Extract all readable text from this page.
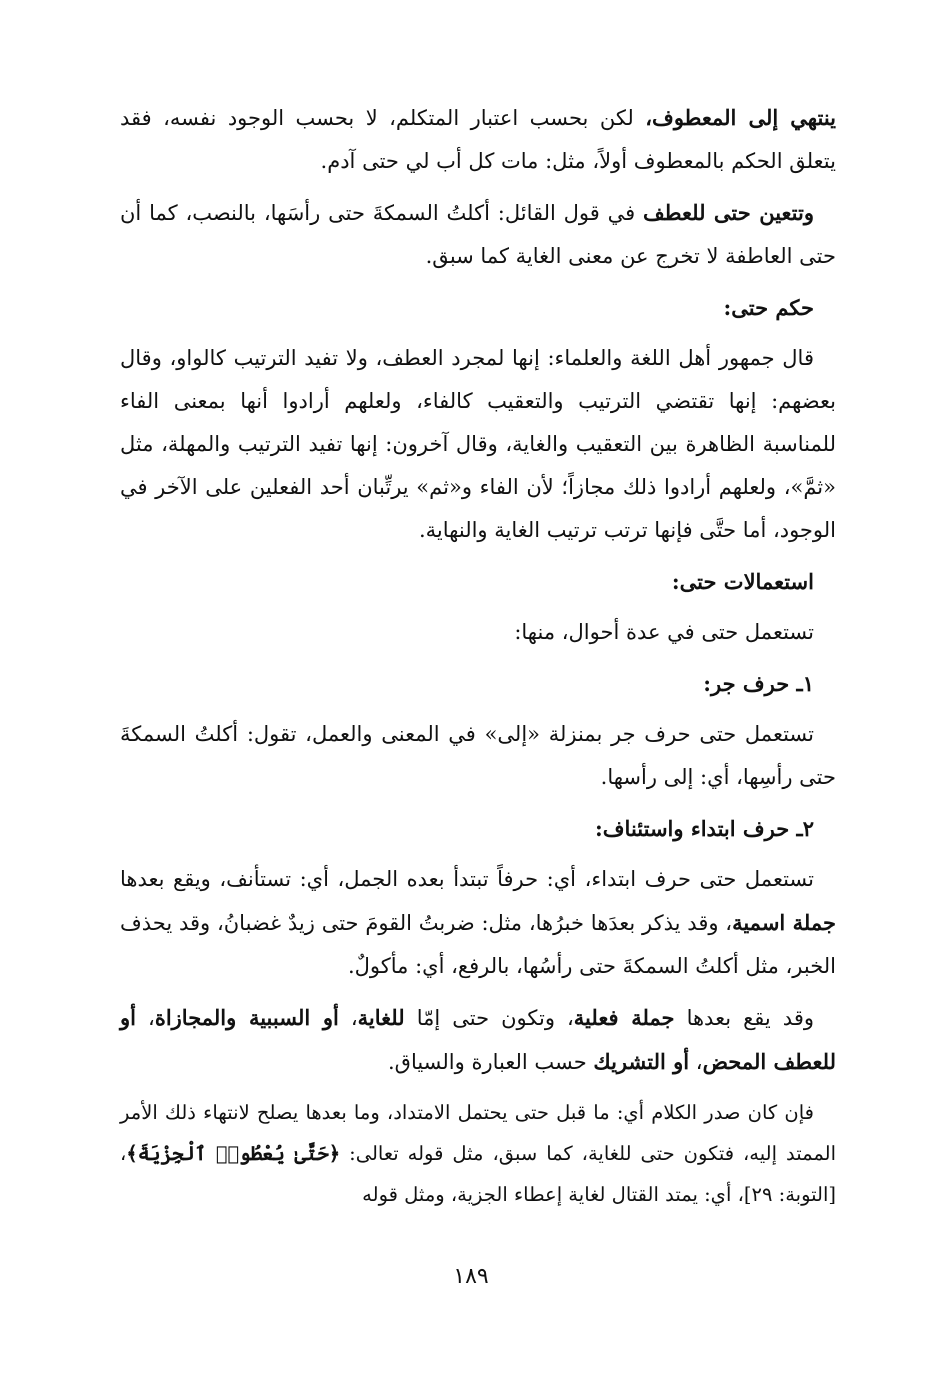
ينتهي إلى المعطوف، لكن بحسب اعتبار المتكلم، لا بحسب الوجود نفسه، فقد يتعلق الحكم بالمعطوف أولاً، مثل: مات كل أب لي حتى آدم.

وتتعين حتى للعطف في قول القائل: أكلتُ السمكةَ حتى رأسَها، بالنصب، كما أن حتى العاطفة لا تخرج عن معنى الغاية كما سبق.

حكم حتى:

قال جمهور أهل اللغة والعلماء: إنها لمجرد العطف، ولا تفيد الترتيب كالواو، وقال بعضهم: إنها تقتضي الترتيب والتعقيب كالفاء، ولعلهم أرادوا أنها بمعنى الفاء للمناسبة الظاهرة بين التعقيب والغاية، وقال آخرون: إنها تفيد الترتيب والمهلة، مثل «ثمَّ»، ولعلهم أرادوا ذلك مجازاً؛ لأن الفاء و«ثم» يرتِّبان أحد الفعلين على الآخر في الوجود، أما حتَّى فإنها ترتب ترتيب الغاية والنهاية.

استعمالات حتى:

تستعمل حتى في عدة أحوال، منها:

١ـ حرف جر:

تستعمل حتى حرف جر بمنزلة «إلى» في المعنى والعمل، تقول: أكلتُ السمكةَ حتى رأسِها، أي: إلى رأسها.

٢ـ حرف ابتداء واستئناف:

تستعمل حتى حرف ابتداء، أي: حرفاً تبتدأ بعده الجمل، أي: تستأنف، ويقع بعدها جملة اسمية، وقد يذكر بعدَها خبرُها، مثل: ضربتُ القومَ حتى زيدٌ غضبانُ، وقد يحذف الخبر، مثل أكلتُ السمكةَ حتى رأسُها، بالرفع، أي: مأكولٌ.

وقد يقع بعدها جملة فعلية، وتكون حتى إمّا للغاية، أو السببية والمجازاة، أو للعطف المحض، أو التشريك حسب العبارة والسياق.

فإن كان صدر الكلام أي: ما قبل حتى يحتمل الامتداد، وما بعدها يصلح لانتهاء ذلك الأمر الممتد إليه، فتكون حتى للغاية، كما سبق، مثل قوله تعالى: ﴿حَتَّىٰ يُعْطُوا۟ ٱلْجِزْيَةَ﴾، [التوبة: ٢٩]، أي: يمتد القتال لغاية إعطاء الجزية، ومثل قوله

١٨٩
